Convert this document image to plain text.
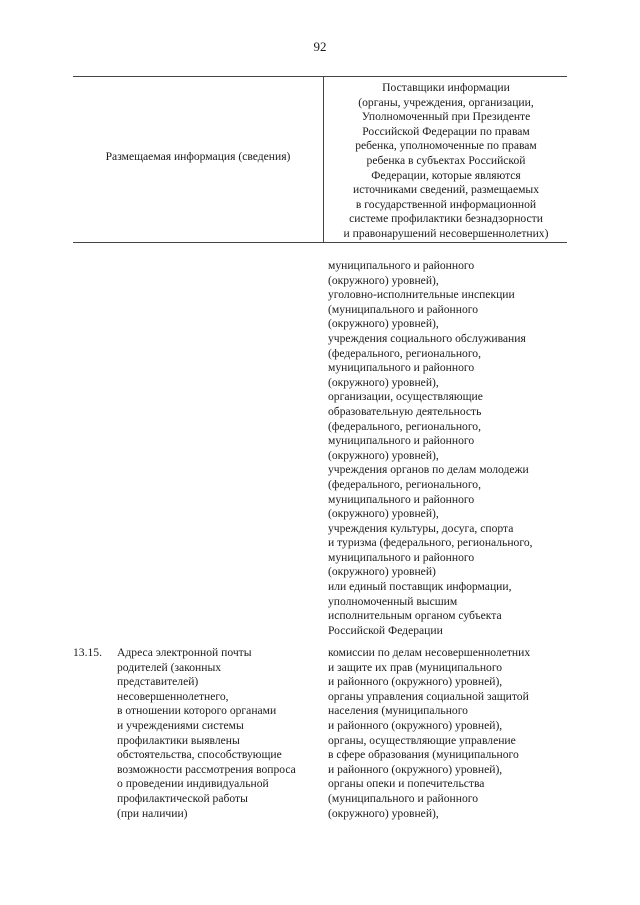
92
Размещаемая информация (сведения)
Поставщики информации
(органы, учреждения, организации,
Уполномоченный при Президенте
Российской Федерации по правам
ребенка, уполномоченные по правам
ребенка в субъектах Российской
Федерации, которые являются
источниками сведений, размещаемых
в государственной информационной
системе профилактики безнадзорности
и правонарушений несовершеннолетних)
муниципального и районного
(окружного) уровней),
уголовно-исполнительные инспекции
(муниципального и районного
(окружного) уровней),
учреждения социального обслуживания
(федерального, регионального,
муниципального и районного
(окружного) уровней),
организации, осуществляющие
образовательную деятельность
(федерального, регионального,
муниципального и районного
(окружного) уровней),
учреждения органов по делам молодежи
(федерального, регионального,
муниципального и районного
(окружного) уровней),
учреждения культуры, досуга, спорта
и туризма (федерального, регионального,
муниципального и районного
(окружного) уровней)
или единый поставщик информации,
уполномоченный высшим
исполнительным органом субъекта
Российской Федерации
13.15. Адреса электронной почты
родителей (законных
представителей)
несовершеннолетнего,
в отношении которого органами
и учреждениями системы
профилактики выявлены
обстоятельства, способствующие
возможности рассмотрения вопроса
о проведении индивидуальной
профилактической работы
(при наличии)
комиссии по делам несовершеннолетних
и защите их прав (муниципального
и районного (окружного) уровней),
органы управления социальной защитой
населения (муниципального
и районного (окружного) уровней),
органы, осуществляющие управление
в сфере образования (муниципального
и районного (окружного) уровней),
органы опеки и попечительства
(муниципального и районного
(окружного) уровней),
